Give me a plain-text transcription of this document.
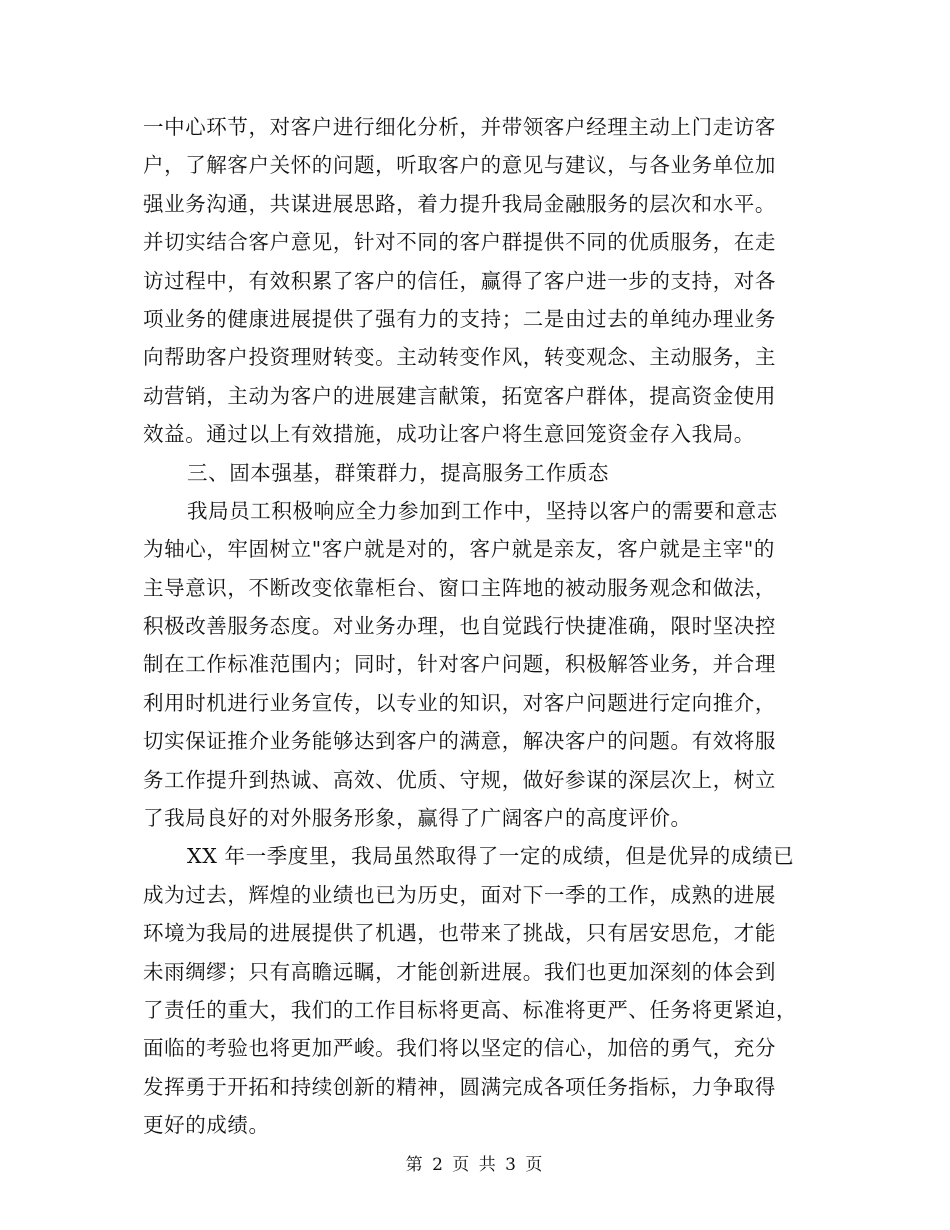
一中心环节，对客户进行细化分析，并带领客户经理主动上门走访客
户，了解客户关怀的问题，听取客户的意见与建议，与各业务单位加
强业务沟通，共谋进展思路，着力提升我局金融服务的层次和水平。
并切实结合客户意见，针对不同的客户群提供不同的优质服务，在走
访过程中，有效积累了客户的信任，赢得了客户进一步的支持，对各
项业务的健康进展提供了强有力的支持；二是由过去的单纯办理业务
向帮助客户投资理财转变。主动转变作风，转变观念、主动服务，主
动营销，主动为客户的进展建言献策，拓宽客户群体，提高资金使用
效益。通过以上有效措施，成功让客户将生意回笼资金存入我局。
三、固本强基，群策群力，提高服务工作质态
我局员工积极响应全力参加到工作中，坚持以客户的需要和意志
为轴心，牢固树立"客户就是对的，客户就是亲友，客户就是主宰"的
主导意识，不断改变依靠柜台、窗口主阵地的被动服务观念和做法，
积极改善服务态度。对业务办理，也自觉践行快捷准确，限时坚决控
制在工作标准范围内；同时，针对客户问题，积极解答业务，并合理
利用时机进行业务宣传，以专业的知识，对客户问题进行定向推介，
切实保证推介业务能够达到客户的满意，解决客户的问题。有效将服
务工作提升到热诚、高效、优质、守规，做好参谋的深层次上，树立
了我局良好的对外服务形象，赢得了广阔客户的高度评价。
XX 年一季度里，我局虽然取得了一定的成绩，但是优异的成绩已
成为过去，辉煌的业绩也已为历史，面对下一季的工作，成熟的进展
环境为我局的进展提供了机遇，也带来了挑战，只有居安思危，才能
未雨绸缪；只有高瞻远瞩，才能创新进展。我们也更加深刻的体会到
了责任的重大，我们的工作目标将更高、标准将更严、任务将更紧迫，
面临的考验也将更加严峻。我们将以坚定的信心，加倍的勇气，充分
发挥勇于开拓和持续创新的精神，圆满完成各项任务指标，力争取得
更好的成绩。
第 2 页 共 3 页
